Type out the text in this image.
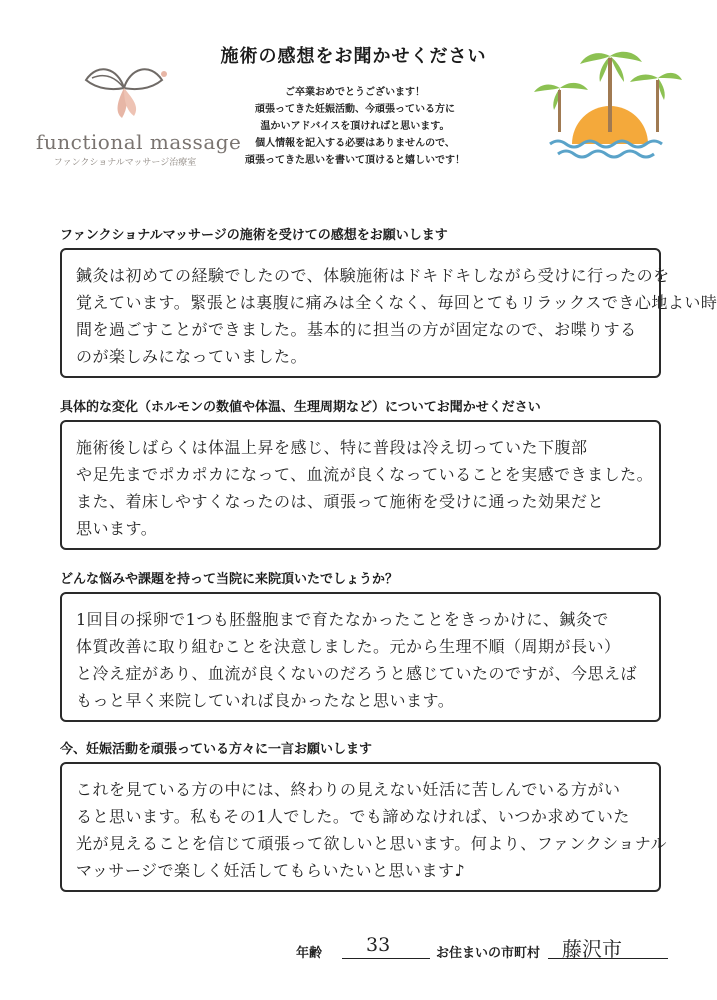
functional massage
ファンクショナルマッサージ治療室
施術の感想をお聞かせください
ご卒業おめでとうございます！
頑張ってきた妊娠活動、今頑張っている方に
温かいアドバイスを頂ければと思います。
個人情報を記入する必要はありませんので、
頑張ってきた思いを書いて頂けると嬉しいです！
ファンクショナルマッサージの施術を受けての感想をお願いします
鍼灸は初めての経験でしたので、体験施術はドキドキしながら受けに行ったのを
覚えています。緊張とは裏腹に痛みは全くなく、毎回とてもリラックスでき心地よい時
間を過ごすことができました。基本的に担当の方が固定なので、お喋りする
のが楽しみになっていました。
具体的な変化（ホルモンの数値や体温、生理周期など）についてお聞かせください
施術後しばらくは体温上昇を感じ、特に普段は冷え切っていた下腹部
や足先までポカポカになって、血流が良くなっていることを実感できました。
また、着床しやすくなったのは、頑張って施術を受けに通った効果だと
思います。
どんな悩みや課題を持って当院に来院頂いたでしょうか？
1回目の採卵で1つも胚盤胞まで育たなかったことをきっかけに、鍼灸で
体質改善に取り組むことを決意しました。元から生理不順（周期が長い）
と冷え症があり、血流が良くないのだろうと感じていたのですが、今思えば
もっと早く来院していれば良かったなと思います。
今、妊娠活動を頑張っている方々に一言お願いします
これを見ている方の中には、終わりの見えない妊活に苦しんでいる方がい
ると思います。私もその1人でした。でも諦めなければ、いつか求めていた
光が見えることを信じて頑張って欲しいと思います。何より、ファンクショナル
マッサージで楽しく妊活してもらいたいと思います♪
年齢 33	お住まいの市町村 藤沢市
